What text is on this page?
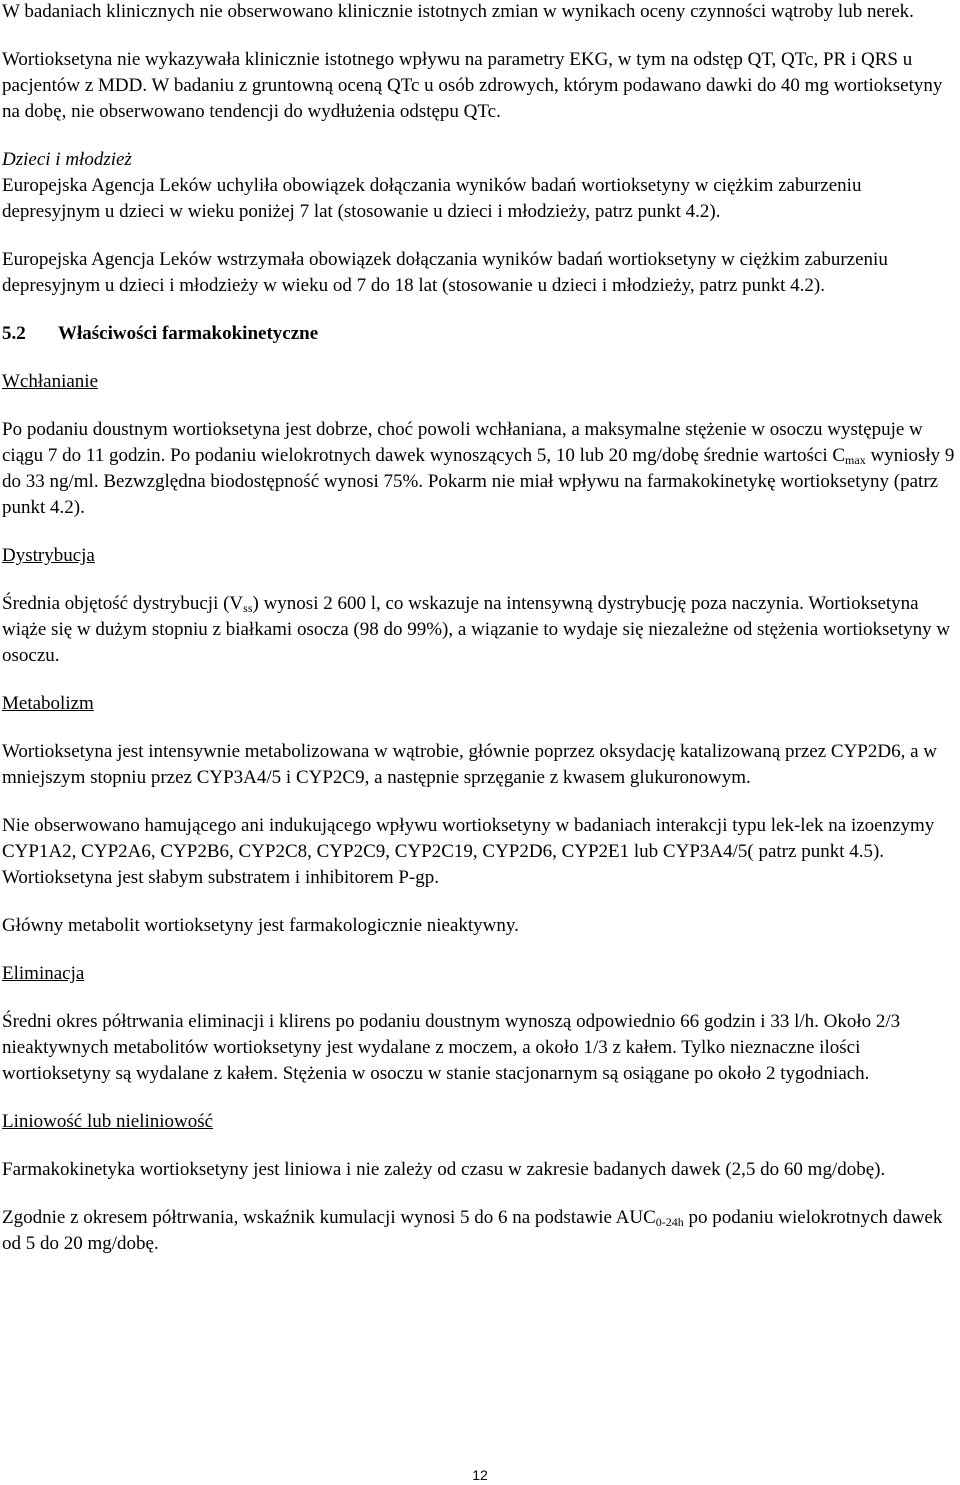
W badaniach klinicznych nie obserwowano klinicznie istotnych zmian w wynikach oceny czynności wątroby lub nerek.

Wortioksetyna nie wykazywała klinicznie istotnego wpływu na parametry EKG, w tym na odstęp QT, QTc, PR i QRS u pacjentów z MDD. W badaniu z gruntowną oceną QTc u osób zdrowych, którym podawano dawki do 40 mg wortioksetyny na dobę, nie obserwowano tendencji do wydłużenia odstępu QTc.

Dzieci i młodzież

Europejska Agencja Leków uchyliła obowiązek dołączania wyników badań wortioksetyny w ciężkim zaburzeniu depresyjnym u dzieci w wieku poniżej 7 lat (stosowanie u dzieci i młodzieży, patrz punkt 4.2).

Europejska Agencja Leków wstrzymała obowiązek dołączania wyników badań wortioksetyny w ciężkim zaburzeniu depresyjnym u dzieci i młodzieży w wieku od 7 do 18 lat (stosowanie u dzieci i młodzieży, patrz punkt 4.2).

5.2 Właściwości farmakokinetyczne

Wchłanianie

Po podaniu doustnym wortioksetyna jest dobrze, choć powoli wchłaniana, a maksymalne stężenie w osoczu występuje w ciągu 7 do 11 godzin. Po podaniu wielokrotnych dawek wynoszących 5, 10 lub 20 mg/dobę średnie wartości $C_{max}$ wyniosły 9 do 33 ng/ml. Bezwzględna biodostępność wynosi 75%. Pokarm nie miał wpływu na farmakokinetykę wortioksetyny (patrz punkt 4.2).

Dystrybucja

Średnia objętość dystrybucji $(V_{ss})$ wynosi 2 600 l, co wskazuje na intensywną dystrybucję poza naczynia. Wortioksetyna wiąże się w dużym stopniu z białkami osocza (98 do 99%), a wiązanie to wydaje się niezależne od stężenia wortioksetyny w osoczu.

Metabolizm

Wortioksetyna jest intensywnie metabolizowana w wątrobie, głównie poprzez oksydację katalizowaną przez CYP2D6, a w mniejszym stopniu przez CYP3A4/5 i CYP2C9, a następnie sprzęganie z kwasem glukuronowym.

Nie obserwowano hamującego ani indukującego wpływu wortioksetyny w badaniach interakcji typu lek-lek na izoenzymy CYP1A2, CYP2A6, CYP2B6, CYP2C8, CYP2C9, CYP2C19, CYP2D6, CYP2E1 lub CYP3A4/5( patrz punkt 4.5). Wortioksetyna jest słabym substratem i inhibitorem P-gp.

Główny metabolit wortioksetyny jest farmakologicznie nieaktywny.

Eliminacja

Średni okres półtrwania eliminacji i klirens po podaniu doustnym wynoszą odpowiednio 66 godzin i 33 l/h. Około 2/3 nieaktywnych metabolitów wortioksetyny jest wydalane z moczem, a około 1/3 z kałem. Tylko nieznaczne ilości wortioksetyny są wydalane z kałem. Stężenia w osoczu w stanie stacjonarnym są osiągane po około 2 tygodniach.

Liniowość lub nieliniowość

Farmakokinetyka wortioksetyny jest liniowa i nie zależy od czasu w zakresie badanych dawek (2,5 do 60 mg/dobę).

Zgodnie z okresem półtrwania, wskaźnik kumulacji wynosi 5 do 6 na podstawie $AUC_{0-24h}$ po podaniu wielokrotnych dawek od 5 do 20 mg/dobę.

12
